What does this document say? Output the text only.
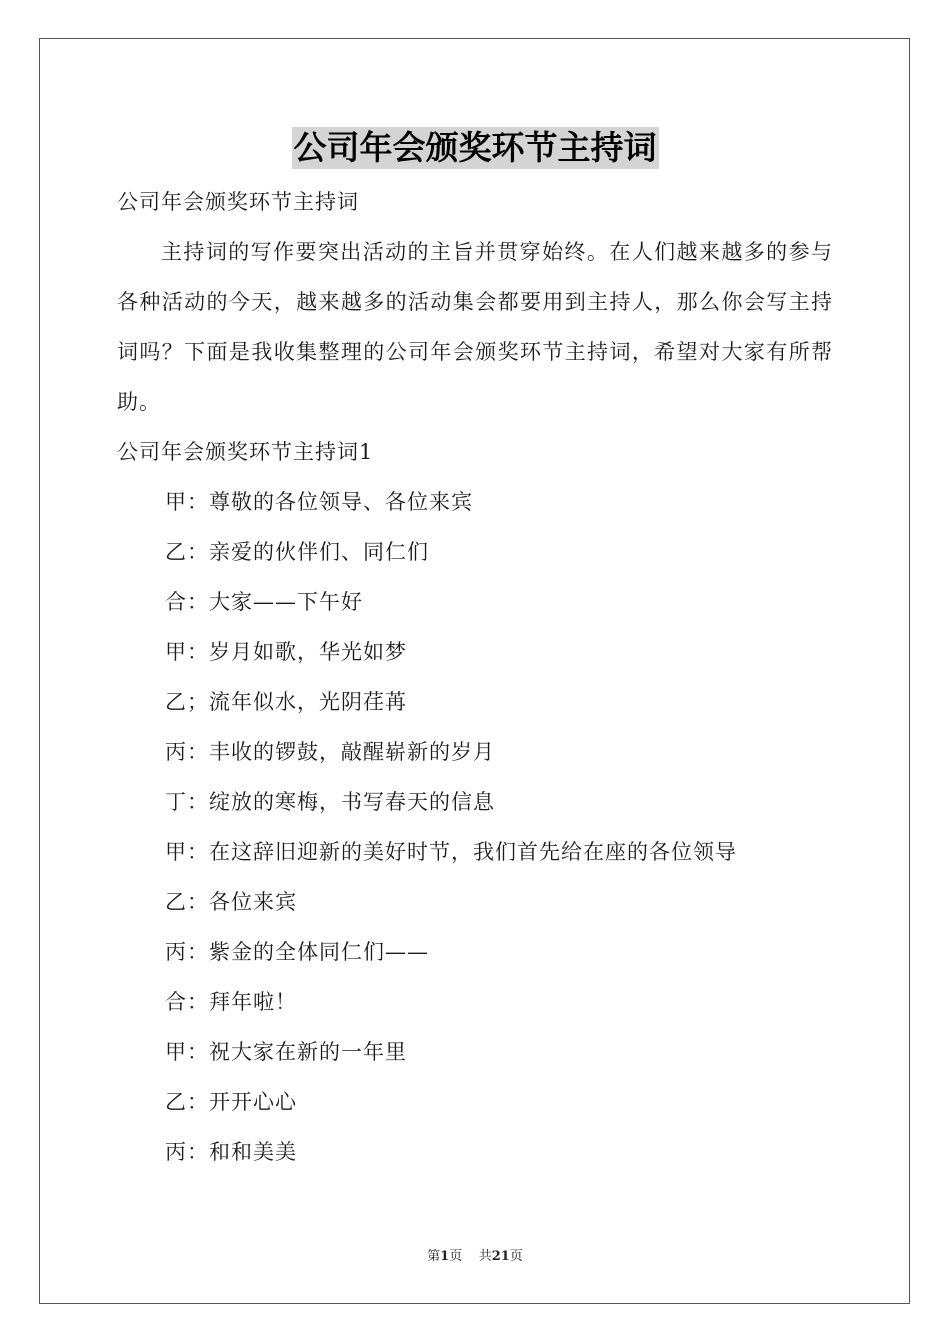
公司年会颁奖环节主持词
公司年会颁奖环节主持词

主持词的写作要突出活动的主旨并贯穿始终。在人们越来越多的参与各种活动的今天，越来越多的活动集会都要用到主持人，那么你会写主持词吗？下面是我收集整理的公司年会颁奖环节主持词，希望对大家有所帮助。

公司年会颁奖环节主持词1
甲：尊敬的各位领导、各位来宾
乙：亲爱的伙伴们、同仁们
合：大家——下午好
甲：岁月如歌，华光如梦
乙；流年似水，光阴荏苒
丙：丰收的锣鼓，敲醒崭新的岁月
丁：绽放的寒梅，书写春天的信息
甲：在这辞旧迎新的美好时节，我们首先给在座的各位领导
乙：各位来宾
丙：紫金的全体同仁们——
合：拜年啦！
甲：祝大家在新的一年里
乙：开开心心
丙：和和美美
第1页 共21页
